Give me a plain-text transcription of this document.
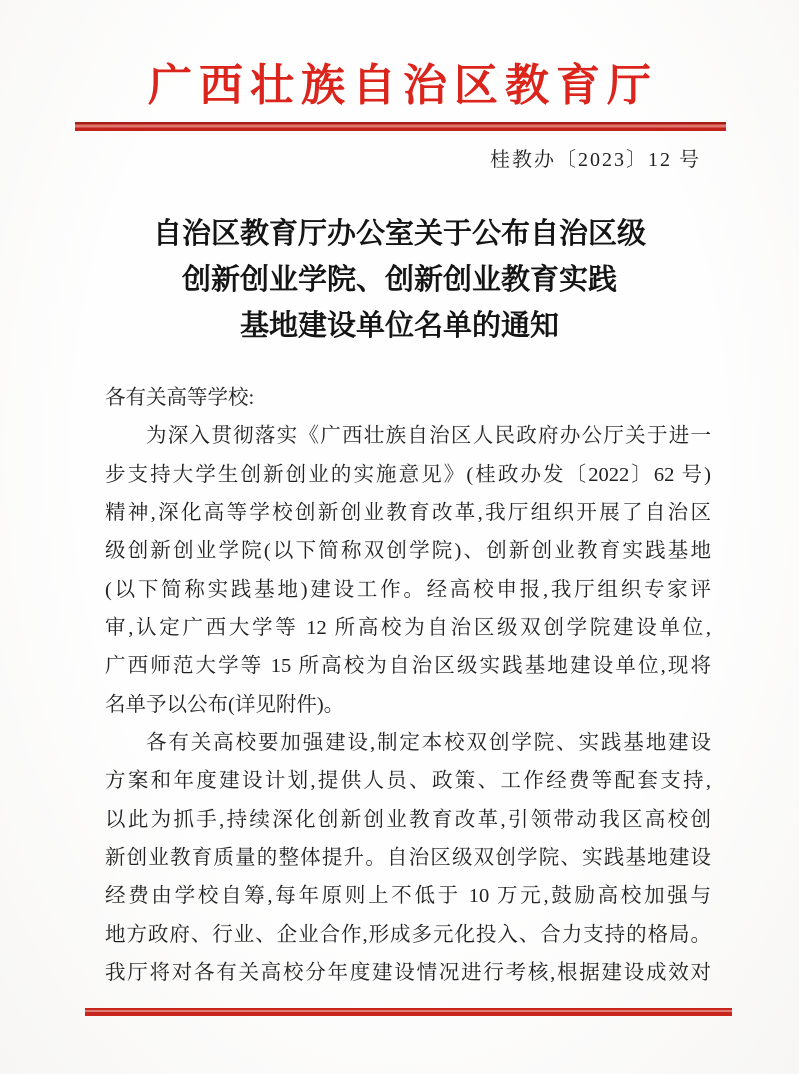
广西壮族自治区教育厅
桂教办〔2023〕12 号
自治区教育厅办公室关于公布自治区级
创新创业学院、创新创业教育实践
基地建设单位名单的通知
各有关高等学校:
为深入贯彻落实《广西壮族自治区人民政府办公厅关于进一
步支持大学生创新创业的实施意见》(桂政办发〔2022〕62 号)
精神,深化高等学校创新创业教育改革,我厅组织开展了自治区
级创新创业学院(以下简称双创学院)、创新创业教育实践基地
(以下简称实践基地)建设工作。经高校申报,我厅组织专家评
审,认定广西大学等 12 所高校为自治区级双创学院建设单位,
广西师范大学等 15 所高校为自治区级实践基地建设单位,现将
名单予以公布(详见附件)。
各有关高校要加强建设,制定本校双创学院、实践基地建设
方案和年度建设计划,提供人员、政策、工作经费等配套支持,
以此为抓手,持续深化创新创业教育改革,引领带动我区高校创
新创业教育质量的整体提升。自治区级双创学院、实践基地建设
经费由学校自筹,每年原则上不低于 10 万元,鼓励高校加强与
地方政府、行业、企业合作,形成多元化投入、合力支持的格局。
我厅将对各有关高校分年度建设情况进行考核,根据建设成效对
